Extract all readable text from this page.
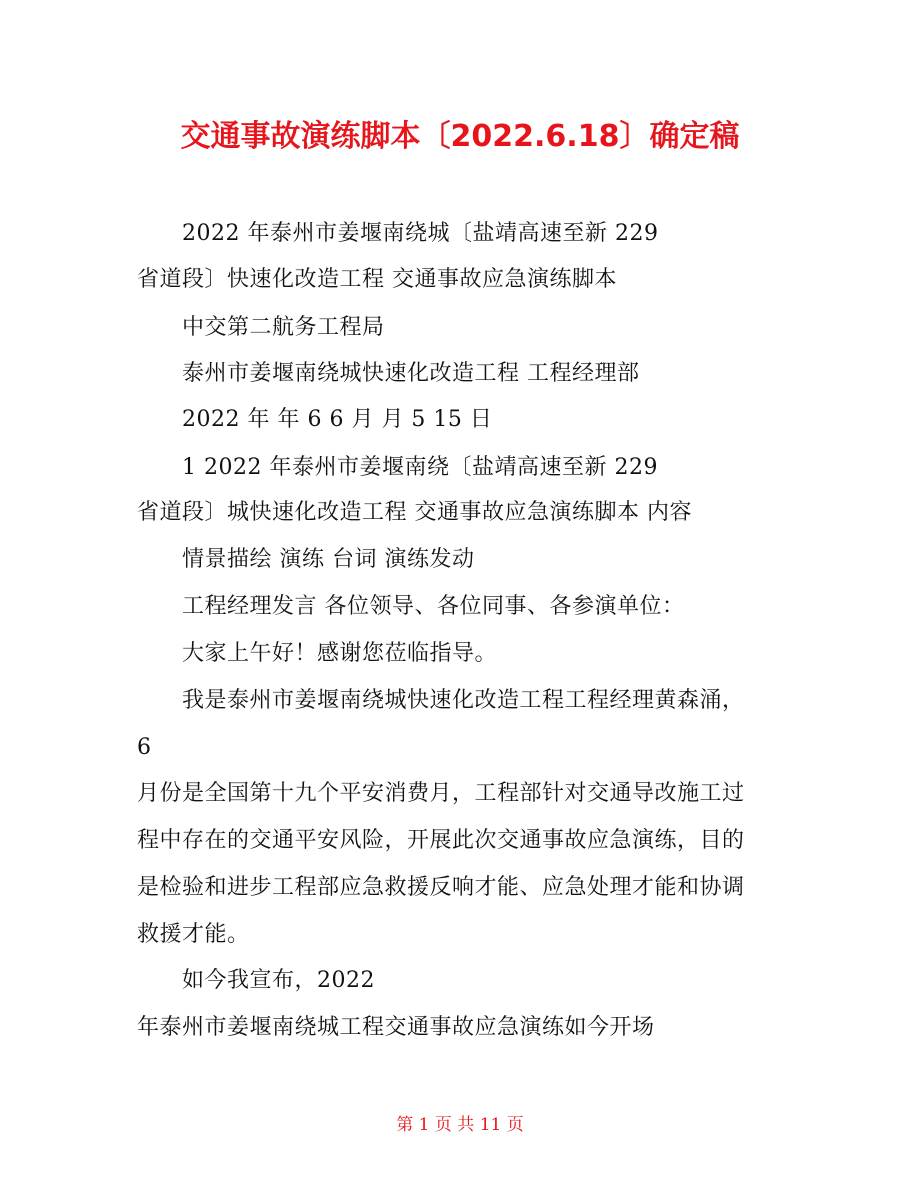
交通事故演练脚本〔2022.6.18〕确定稿
2022 年泰州市姜堰南绕城〔盐靖高速至新 229
省道段〕快速化改造工程 交通事故应急演练脚本
中交第二航务工程局
泰州市姜堰南绕城快速化改造工程 工程经理部
2022 年 年 6 6 月 月 5 15 日
1 2022 年泰州市姜堰南绕〔盐靖高速至新 229
省道段〕城快速化改造工程 交通事故应急演练脚本 内容
情景描绘 演练 台词 演练发动
工程经理发言 各位领导、各位同事、各参演单位：
大家上午好！感谢您莅临指导。
我是泰州市姜堰南绕城快速化改造工程工程经理黄森涌，
6
月份是全国第十九个平安消费月，工程部针对交通导改施工过
程中存在的交通平安风险，开展此次交通事故应急演练，目的
是检验和进步工程部应急救援反响才能、应急处理才能和协调
救援才能。
如今我宣布，2022
年泰州市姜堰南绕城工程交通事故应急演练如今开场
第 1 页 共 11 页
